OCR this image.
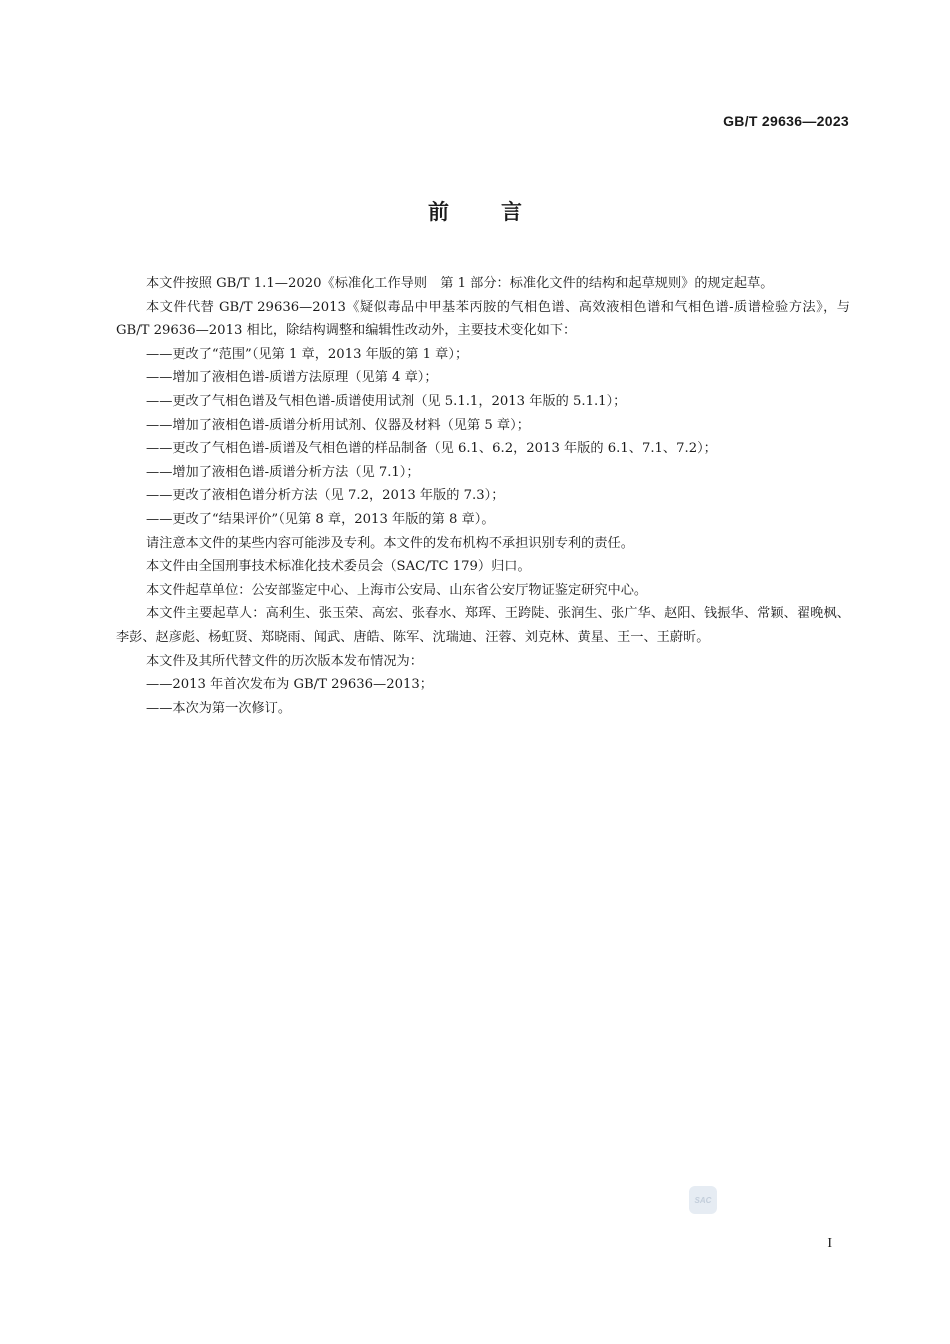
GB/T 29636—2023
前 言

本文件按照 GB/T 1.1—2020《标准化工作导则　第 1 部分：标准化文件的结构和起草规则》的规定起草。

本文件代替 GB/T 29636—2013《疑似毒品中甲基苯丙胺的气相色谱、高效液相色谱和气相色谱-质谱检验方法》，与 GB/T 29636—2013 相比，除结构调整和编辑性改动外，主要技术变化如下：

——更改了“范围”（见第 1 章，2013 年版的第 1 章）；

——增加了液相色谱-质谱方法原理（见第 4 章）；

——更改了气相色谱及气相色谱-质谱使用试剂（见 5.1.1，2013 年版的 5.1.1）；

——增加了液相色谱-质谱分析用试剂、仪器及材料（见第 5 章）；

——更改了气相色谱-质谱及气相色谱的样品制备（见 6.1、6.2，2013 年版的 6.1、7.1、7.2）；

——增加了液相色谱-质谱分析方法（见 7.1）；

——更改了液相色谱分析方法（见 7.2，2013 年版的 7.3）；

——更改了“结果评价”（见第 8 章，2013 年版的第 8 章）。

请注意本文件的某些内容可能涉及专利。本文件的发布机构不承担识别专利的责任。

本文件由全国刑事技术标准化技术委员会（SAC/TC 179）归口。

本文件起草单位：公安部鉴定中心、上海市公安局、山东省公安厅物证鉴定研究中心。

本文件主要起草人：高利生、张玉荣、高宏、张春水、郑珲、王跨陡、张润生、张广华、赵阳、钱振华、常颖、翟晚枫、李彭、赵彦彪、杨虹贤、郑晓雨、闻武、唐皓、陈军、沈瑞迪、汪蓉、刘克林、黄星、王一、王蔚昕。

本文件及其所代替文件的历次版本发布情况为：

——2013 年首次发布为 GB/T 29636—2013；

——本次为第一次修订。

SAC
I
